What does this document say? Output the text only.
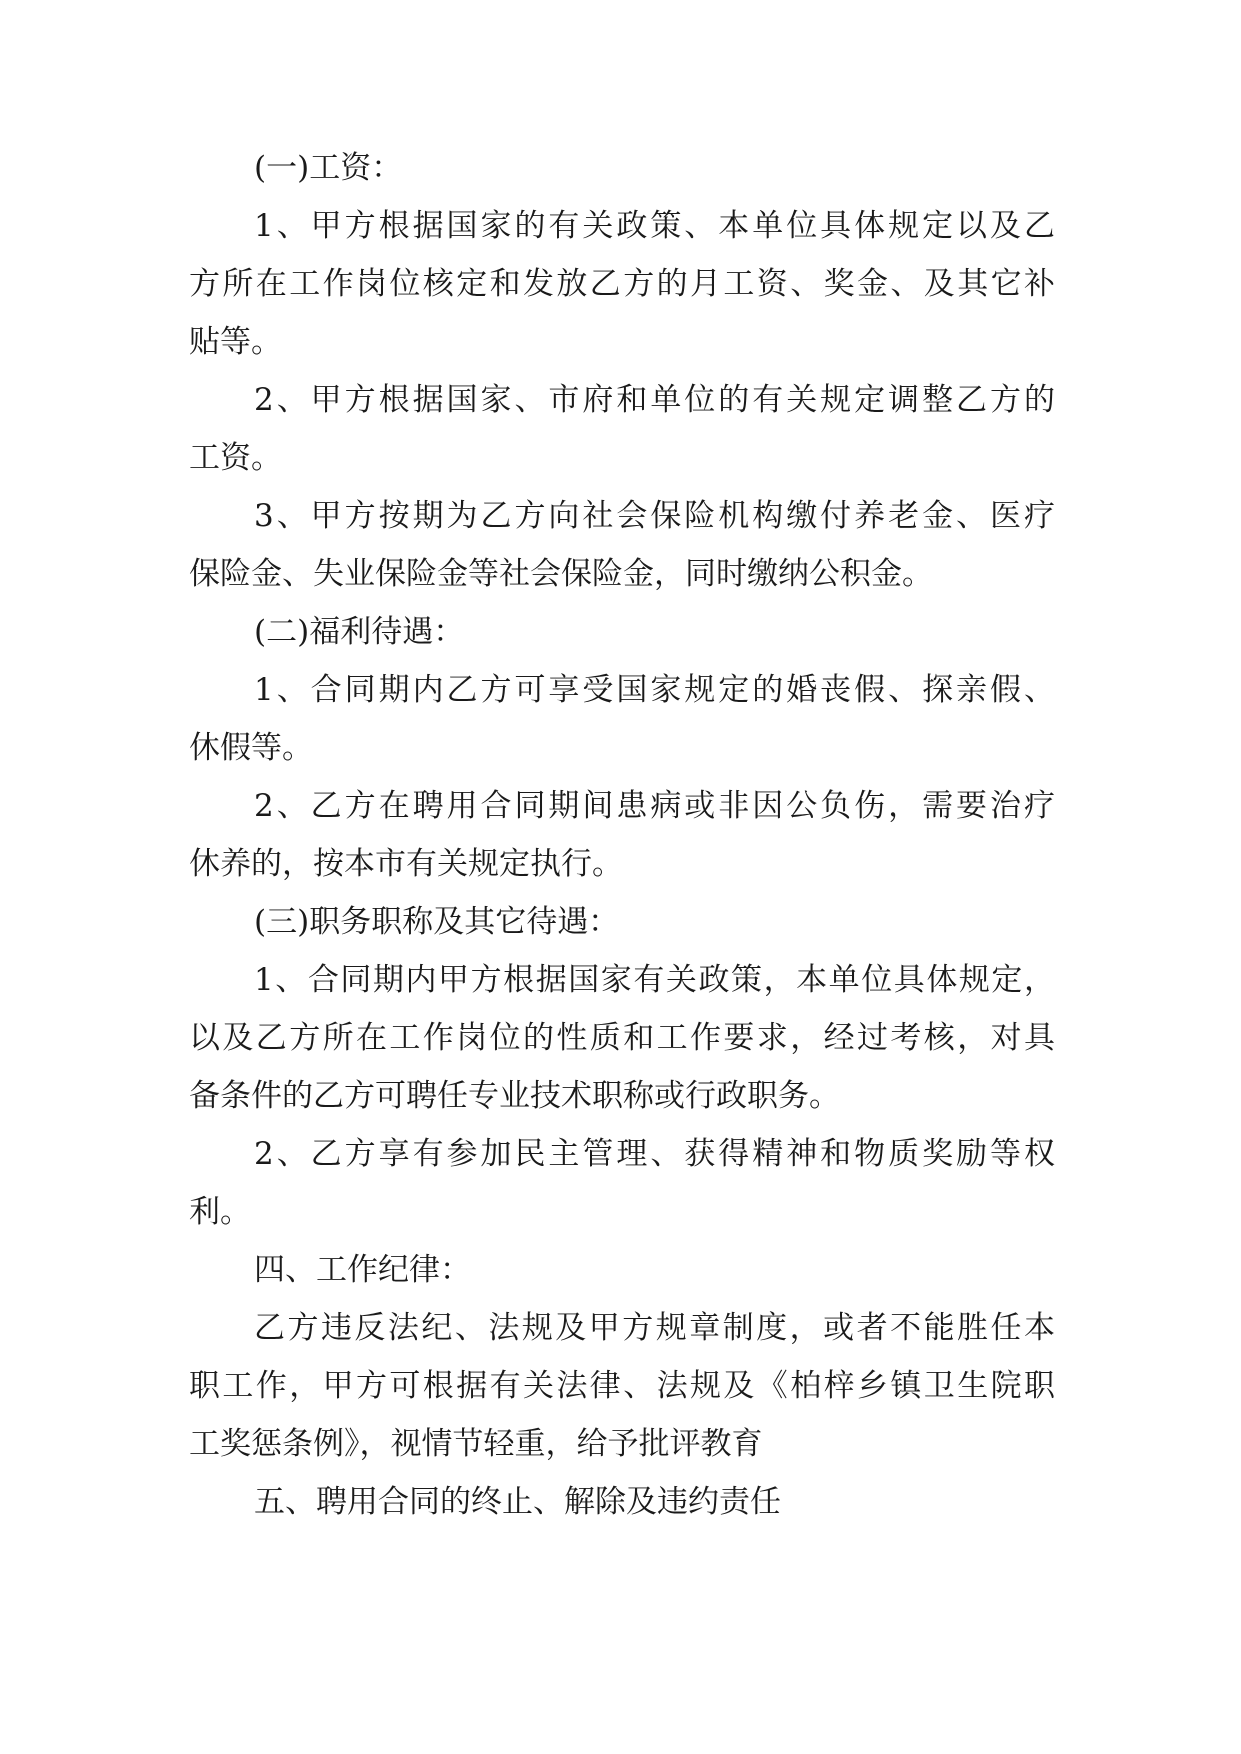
(一)工资：

1、甲方根据国家的有关政策、本单位具体规定以及乙

方所在工作岗位核定和发放乙方的月工资、奖金、及其它补

贴等。

2、甲方根据国家、市府和单位的有关规定调整乙方的

工资。

3、甲方按期为乙方向社会保险机构缴付养老金、医疗

保险金、失业保险金等社会保险金，同时缴纳公积金。

(二)福利待遇：

1、合同期内乙方可享受国家规定的婚丧假、探亲假、

休假等。

2、乙方在聘用合同期间患病或非因公负伤，需要治疗

休养的，按本市有关规定执行。

(三)职务职称及其它待遇：

1、合同期内甲方根据国家有关政策，本单位具体规定，

以及乙方所在工作岗位的性质和工作要求，经过考核，对具

备条件的乙方可聘任专业技术职称或行政职务。

2、乙方享有参加民主管理、获得精神和物质奖励等权

利。

四、工作纪律：

乙方违反法纪、法规及甲方规章制度，或者不能胜任本

职工作，甲方可根据有关法律、法规及《柏梓乡镇卫生院职

工奖惩条例》，视情节轻重，给予批评教育

五、聘用合同的终止、解除及违约责任
